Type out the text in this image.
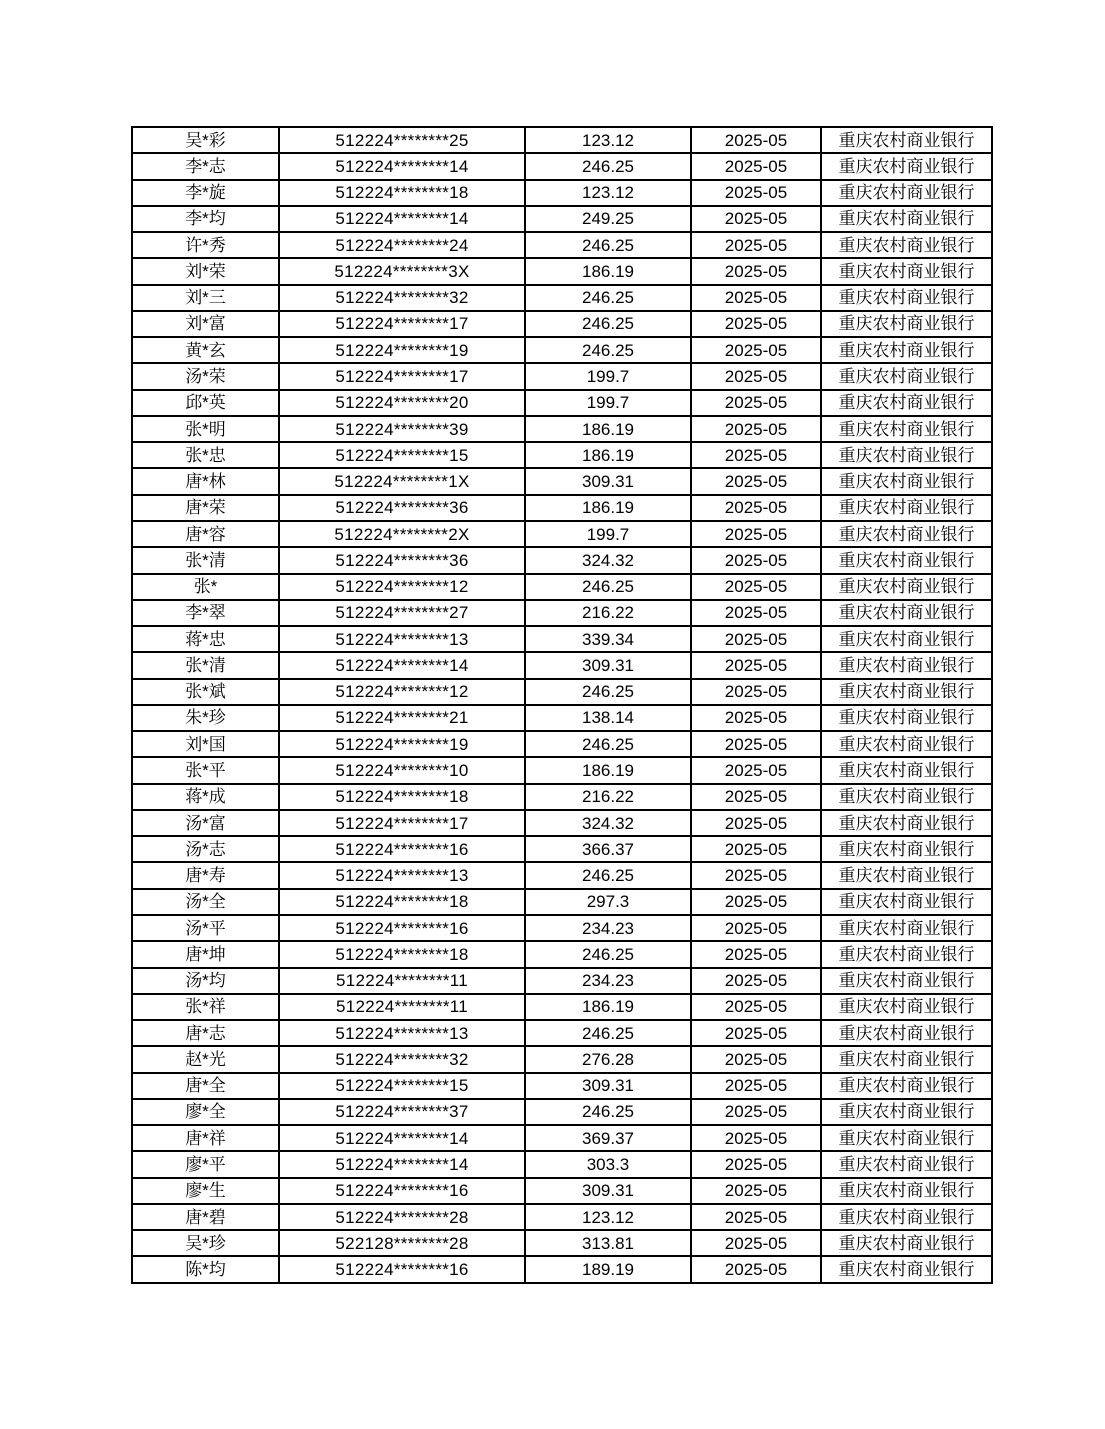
吴*彩	512224********25	123.12	2025-05	重庆农村商业银行
李*志	512224********14	246.25	2025-05	重庆农村商业银行
李*旋	512224********18	123.12	2025-05	重庆农村商业银行
李*均	512224********14	249.25	2025-05	重庆农村商业银行
许*秀	512224********24	246.25	2025-05	重庆农村商业银行
刘*荣	512224********3X	186.19	2025-05	重庆农村商业银行
刘*三	512224********32	246.25	2025-05	重庆农村商业银行
刘*富	512224********17	246.25	2025-05	重庆农村商业银行
黄*玄	512224********19	246.25	2025-05	重庆农村商业银行
汤*荣	512224********17	199.7	2025-05	重庆农村商业银行
邱*英	512224********20	199.7	2025-05	重庆农村商业银行
张*明	512224********39	186.19	2025-05	重庆农村商业银行
张*忠	512224********15	186.19	2025-05	重庆农村商业银行
唐*林	512224********1X	309.31	2025-05	重庆农村商业银行
唐*荣	512224********36	186.19	2025-05	重庆农村商业银行
唐*容	512224********2X	199.7	2025-05	重庆农村商业银行
张*清	512224********36	324.32	2025-05	重庆农村商业银行
张*	512224********12	246.25	2025-05	重庆农村商业银行
李*翠	512224********27	216.22	2025-05	重庆农村商业银行
蒋*忠	512224********13	339.34	2025-05	重庆农村商业银行
张*清	512224********14	309.31	2025-05	重庆农村商业银行
张*斌	512224********12	246.25	2025-05	重庆农村商业银行
朱*珍	512224********21	138.14	2025-05	重庆农村商业银行
刘*国	512224********19	246.25	2025-05	重庆农村商业银行
张*平	512224********10	186.19	2025-05	重庆农村商业银行
蒋*成	512224********18	216.22	2025-05	重庆农村商业银行
汤*富	512224********17	324.32	2025-05	重庆农村商业银行
汤*志	512224********16	366.37	2025-05	重庆农村商业银行
唐*寿	512224********13	246.25	2025-05	重庆农村商业银行
汤*全	512224********18	297.3	2025-05	重庆农村商业银行
汤*平	512224********16	234.23	2025-05	重庆农村商业银行
唐*坤	512224********18	246.25	2025-05	重庆农村商业银行
汤*均	512224********11	234.23	2025-05	重庆农村商业银行
张*祥	512224********11	186.19	2025-05	重庆农村商业银行
唐*志	512224********13	246.25	2025-05	重庆农村商业银行
赵*光	512224********32	276.28	2025-05	重庆农村商业银行
唐*全	512224********15	309.31	2025-05	重庆农村商业银行
廖*全	512224********37	246.25	2025-05	重庆农村商业银行
唐*祥	512224********14	369.37	2025-05	重庆农村商业银行
廖*平	512224********14	303.3	2025-05	重庆农村商业银行
廖*生	512224********16	309.31	2025-05	重庆农村商业银行
唐*碧	512224********28	123.12	2025-05	重庆农村商业银行
吴*珍	522128********28	313.81	2025-05	重庆农村商业银行
陈*均	512224********16	189.19	2025-05	重庆农村商业银行
